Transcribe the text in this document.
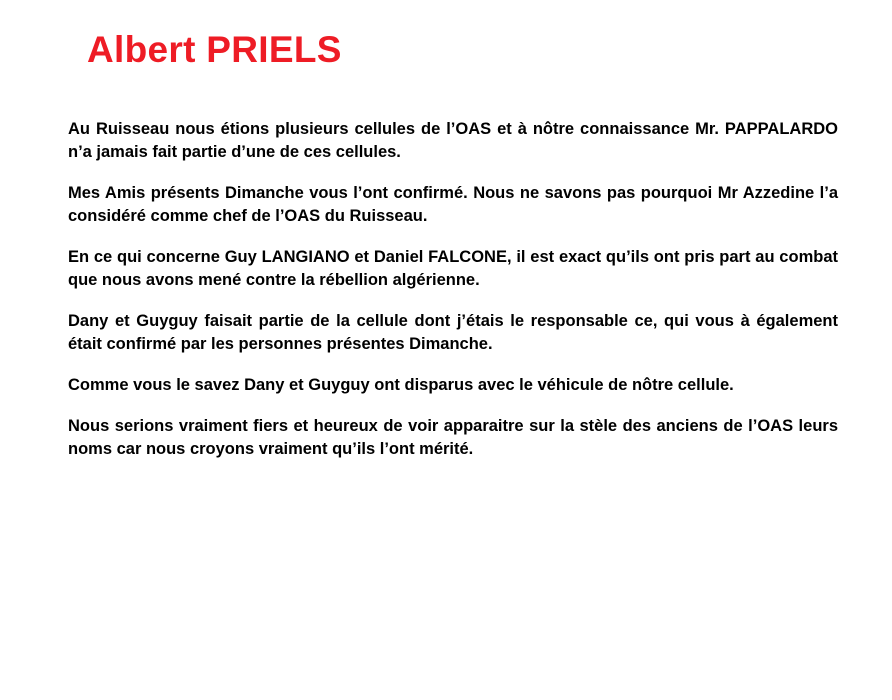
Albert PRIELS

Au Ruisseau nous étions plusieurs cellules de l’OAS et à nôtre connaissance Mr. PAPPALARDO n’a jamais fait partie d’une de ces cellules.

Mes Amis présents Dimanche vous l’ont confirmé. Nous ne savons pas pourquoi Mr Azzedine l’a considéré comme chef de l’OAS du Ruisseau.

En ce qui concerne Guy LANGIANO et Daniel FALCONE, il est exact qu’ils ont pris part au combat que nous avons mené contre la rébellion algérienne.

Dany et Guyguy faisait partie de la cellule dont j’étais le responsable ce, qui vous à également était confirmé par les personnes présentes Dimanche.

Comme vous le savez Dany et Guyguy ont disparus avec le véhicule de nôtre cellule.

Nous serions vraiment fiers et heureux de voir apparaitre sur la stèle des anciens de l’OAS leurs noms car nous croyons vraiment qu’ils l’ont mérité.
